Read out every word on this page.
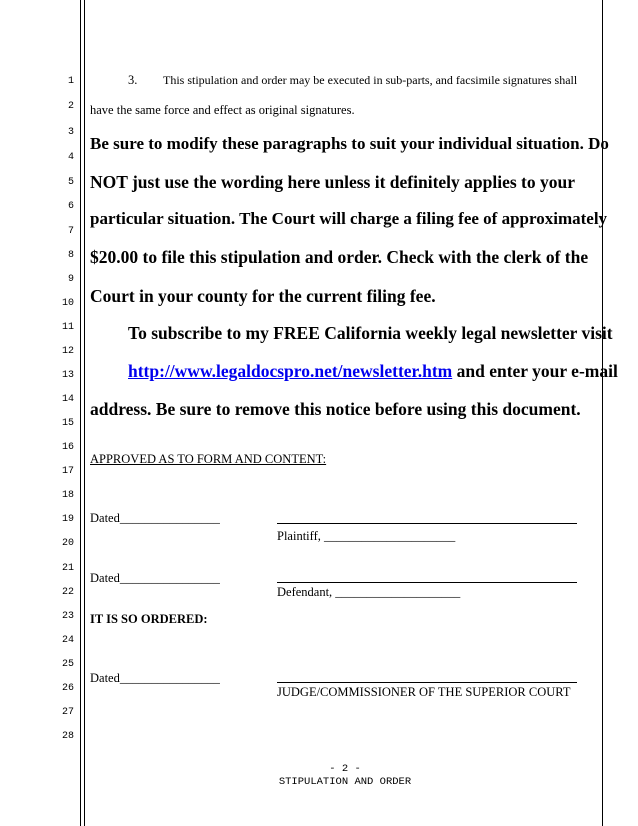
1
2
3
4
5
6
7
8
9
10
11
12
13
14
15
16
17
18
19
20
21
22
23
24
25
26
27
28
3. This stipulation and order may be executed in sub-parts, and facsimile signatures shall
have the same force and effect as original signatures.
Be sure to modify these paragraphs to suit your individual situation. Do
NOT just use the wording here unless it definitely applies to your
particular situation. The Court will charge a filing fee of approximately
$20.00 to file this stipulation and order. Check with the clerk of the
Court in your county for the current filing fee.
To subscribe to my FREE California weekly legal newsletter visit
http://www.legaldocspro.net/newsletter.htm and enter your e-mail
address. Be sure to remove this notice before using this document.
APPROVED AS TO FORM AND CONTENT:
Dated________________
Plaintiff, _____________________
Dated________________
Defendant, ____________________
IT IS SO ORDERED:
Dated________________
JUDGE/COMMISSIONER OF THE SUPERIOR COURT
- 2 -
STIPULATION AND ORDER
